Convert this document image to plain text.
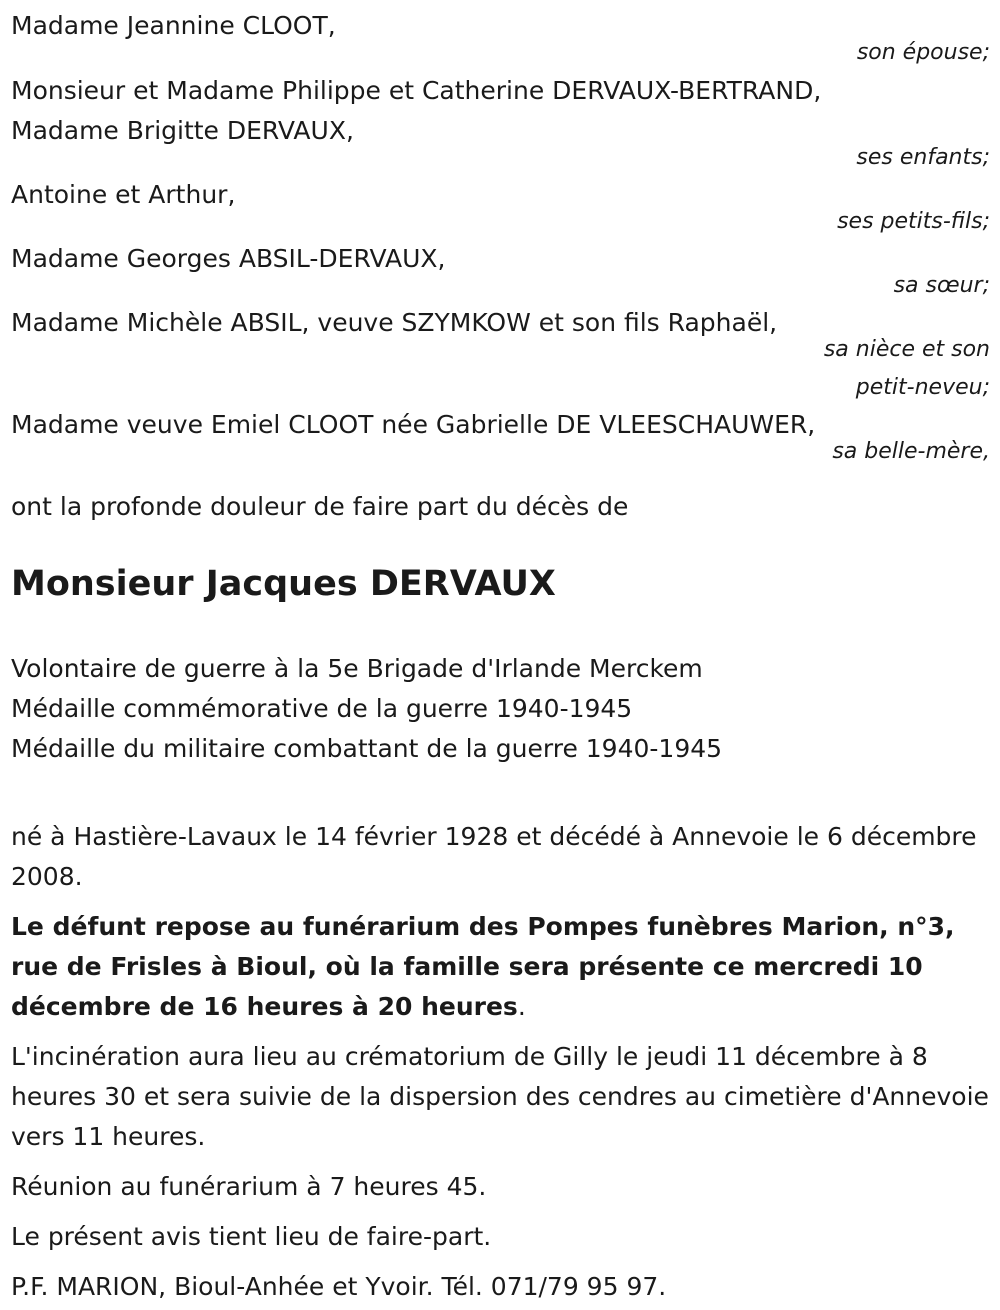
Madame Jeannine CLOOT,
son épouse;
Monsieur et Madame Philippe et Catherine DERVAUX-BERTRAND,
Madame Brigitte DERVAUX,
ses enfants;
Antoine et Arthur,
ses petits-fils;
Madame Georges ABSIL-DERVAUX,
sa sœur;
Madame Michèle ABSIL, veuve SZYMKOW et son fils Raphaël,
sa nièce et son
petit-neveu;
Madame veuve Emiel CLOOT née Gabrielle DE VLEESCHAUWER,
sa belle-mère,
ont la profonde douleur de faire part du décès de
Monsieur Jacques DERVAUX
Volontaire de guerre à la 5e Brigade d'Irlande Merckem
Médaille commémorative de la guerre 1940-1945
Médaille du militaire combattant de la guerre 1940-1945
né à Hastière-Lavaux le 14 février 1928 et décédé à Annevoie le 6 décembre 2008.
Le défunt repose au funérarium des Pompes funèbres Marion, n°3, rue de Frisles à Bioul, où la famille sera présente ce mercredi 10 décembre de 16 heures à 20 heures.
L'incinération aura lieu au crématorium de Gilly le jeudi 11 décembre à 8 heures 30 et sera suivie de la dispersion des cendres au cimetière d'Annevoie vers 11 heures.
Réunion au funérarium à 7 heures 45.
Le présent avis tient lieu de faire-part.
P.F. MARION, Bioul-Anhée et Yvoir. Tél. 071/79 95 97.
